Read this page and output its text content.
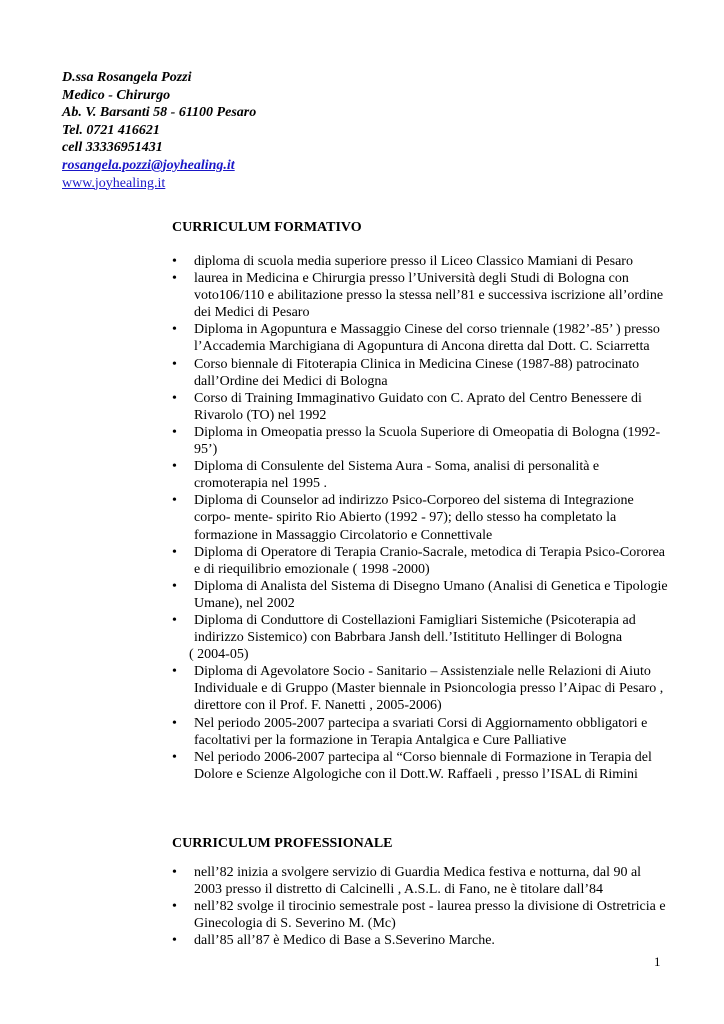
D.ssa Rosangela Pozzi
Medico - Chirurgo
Ab. V. Barsanti 58 - 61100 Pesaro
Tel. 0721 416621
cell 33336951431
rosangela.pozzi@joyhealing.it
www.joyhealing.it
CURRICULUM FORMATIVO
• diploma di scuola media superiore presso il Liceo Classico Mamiani di Pesaro
• laurea in Medicina e Chirurgia presso l’Università degli Studi di Bologna con voto106/110 e abilitazione presso la stessa nell’81 e successiva iscrizione all’ordine dei Medici di Pesaro
• Diploma in Agopuntura e Massaggio Cinese del corso triennale (1982’-85’ ) presso l’Accademia Marchigiana di Agopuntura di Ancona diretta dal Dott. C. Sciarretta
• Corso biennale di Fitoterapia Clinica in Medicina Cinese (1987-88) patrocinato dall’Ordine dei Medici di Bologna
• Corso di Training Immaginativo Guidato con C. Aprato del Centro Benessere di Rivarolo (TO) nel 1992
• Diploma in Omeopatia presso la Scuola Superiore di Omeopatia di Bologna (1992-95’)
• Diploma di Consulente del Sistema Aura - Soma, analisi di personalità e cromoterapia nel 1995 .
• Diploma di Counselor ad indirizzo Psico-Corporeo del sistema di Integrazione corpo- mente- spirito Rio Abierto (1992 - 97); dello stesso ha completato la formazione in Massaggio Circolatorio e Connettivale
• Diploma di Operatore di Terapia Cranio-Sacrale, metodica di Terapia Psico-Cororea e di riequilibrio emozionale ( 1998 -2000)
• Diploma di Analista del Sistema di Disegno Umano (Analisi di Genetica e Tipologie Umane), nel 2002
• Diploma di Conduttore di Costellazioni Famigliari Sistemiche (Psicoterapia ad indirizzo Sistemico) con Babrbara Jansh dell.’Istitituto Hellinger di Bologna
( 2004-05)
• Diploma di Agevolatore Socio - Sanitario – Assistenziale nelle Relazioni di Aiuto Individuale e di Gruppo (Master biennale in Psioncologia presso l’Aipac di Pesaro , direttore con il Prof. F. Nanetti , 2005-2006)
• Nel periodo 2005-2007 partecipa a svariati Corsi di Aggiornamento obbligatori e facoltativi per la formazione in Terapia Antalgica e Cure Palliative
• Nel periodo 2006-2007 partecipa al “Corso biennale di Formazione in Terapia del Dolore e Scienze Algologiche con il Dott.W. Raffaeli , presso l’ISAL di Rimini
CURRICULUM PROFESSIONALE
• nell’82 inizia a svolgere servizio di Guardia Medica festiva e notturna, dal 90 al 2003 presso il distretto di Calcinelli , A.S.L. di Fano, ne è titolare dall’84
• nell’82 svolge il tirocinio semestrale post - laurea presso la divisione di Ostretricia e Ginecologia di S. Severino M. (Mc)
• dall’85 all’87 è Medico di Base a S.Severino Marche.
1
